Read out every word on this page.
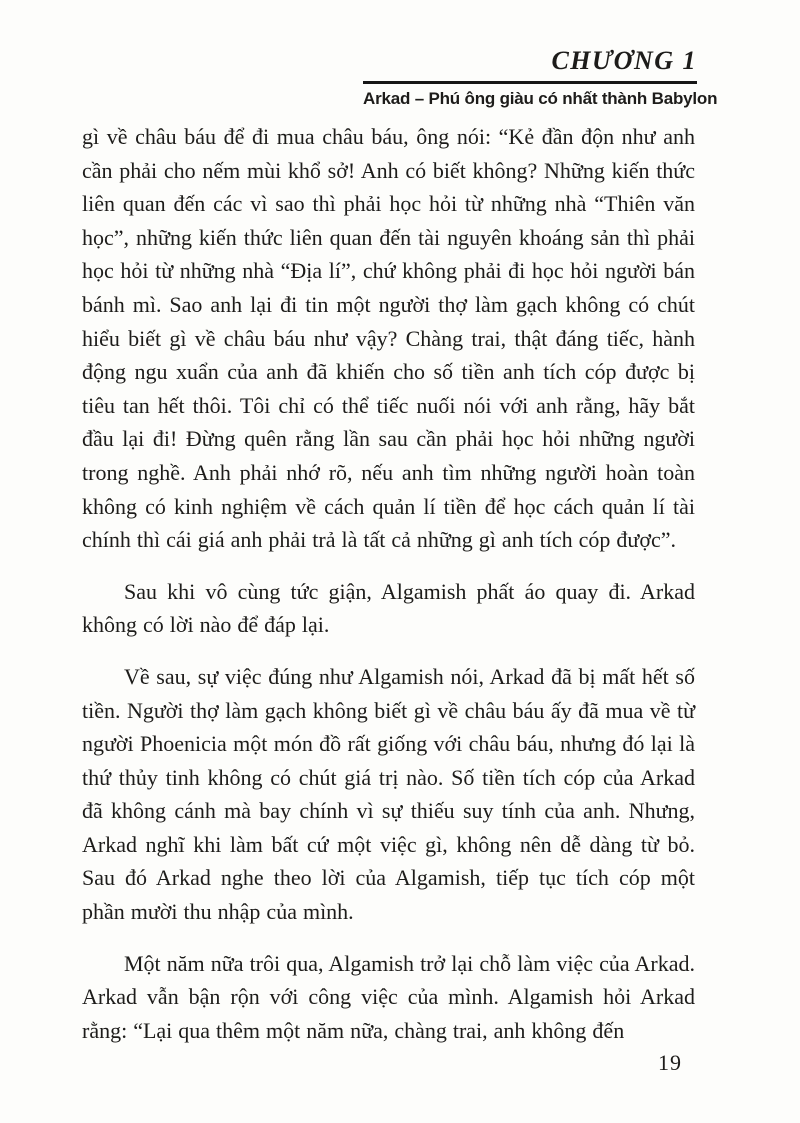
CHƯƠNG 1
Arkad – Phú ông giàu có nhất thành Babylon

gì về châu báu để đi mua châu báu, ông nói: “Kẻ đần độn như anh cần phải cho nếm mùi khổ sở! Anh có biết không? Những kiến thức liên quan đến các vì sao thì phải học hỏi từ những nhà “Thiên văn học”, những kiến thức liên quan đến tài nguyên khoáng sản thì phải học hỏi từ những nhà “Địa lí”, chứ không phải đi học hỏi người bán bánh mì. Sao anh lại đi tin một người thợ làm gạch không có chút hiểu biết gì về châu báu như vậy? Chàng trai, thật đáng tiếc, hành động ngu xuẩn của anh đã khiến cho số tiền anh tích cóp được bị tiêu tan hết thôi. Tôi chỉ có thể tiếc nuối nói với anh rằng, hãy bắt đầu lại đi! Đừng quên rằng lần sau cần phải học hỏi những người trong nghề. Anh phải nhớ rõ, nếu anh tìm những người hoàn toàn không có kinh nghiệm về cách quản lí tiền để học cách quản lí tài chính thì cái giá anh phải trả là tất cả những gì anh tích cóp được”.

Sau khi vô cùng tức giận, Algamish phất áo quay đi. Arkad không có lời nào để đáp lại.

Về sau, sự việc đúng như Algamish nói, Arkad đã bị mất hết số tiền. Người thợ làm gạch không biết gì về châu báu ấy đã mua về từ người Phoenicia một món đồ rất giống với châu báu, nhưng đó lại là thứ thủy tinh không có chút giá trị nào. Số tiền tích cóp của Arkad đã không cánh mà bay chính vì sự thiếu suy tính của anh. Nhưng, Arkad nghĩ khi làm bất cứ một việc gì, không nên dễ dàng từ bỏ. Sau đó Arkad nghe theo lời của Algamish, tiếp tục tích cóp một phần mười thu nhập của mình.

Một năm nữa trôi qua, Algamish trở lại chỗ làm việc của Arkad. Arkad vẫn bận rộn với công việc của mình. Algamish hỏi Arkad rằng: “Lại qua thêm một năm nữa, chàng trai, anh không đến

19
